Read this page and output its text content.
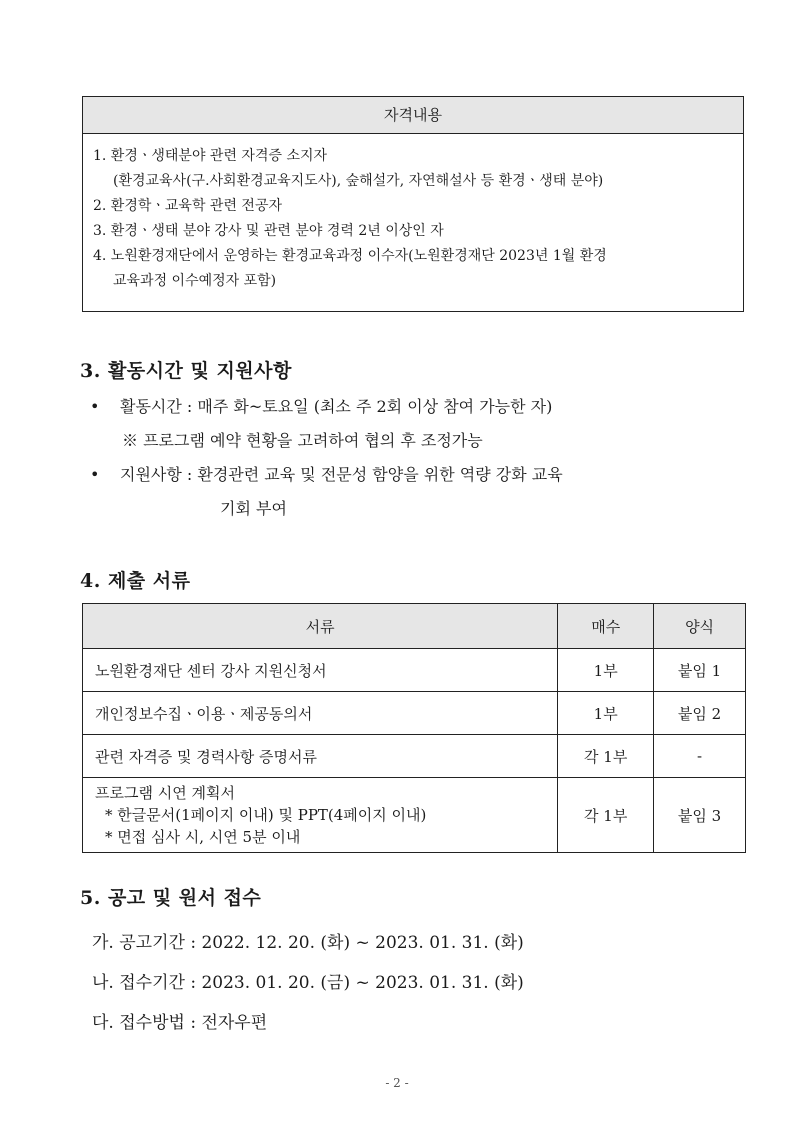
자격내용
1. 환경ㆍ생태분야 관련 자격증 소지자
(환경교육사(구.사회환경교육지도사), 숲해설가, 자연해설사 등 환경ㆍ생태 분야)
2. 환경학ㆍ교육학 관련 전공자
3. 환경ㆍ생태 분야 강사 및 관련 분야 경력 2년 이상인 자
4. 노원환경재단에서 운영하는 환경교육과정 이수자(노원환경재단 2023년 1월 환경
교육과정 이수예정자 포함)
3. 활동시간 및 지원사항
• 활동시간 : 매주 화~토요일 (최소 주 2회 이상 참여 가능한 자)
※ 프로그램 예약 현황을 고려하여 협의 후 조정가능
• 지원사항 : 환경관련 교육 및 전문성 함양을 위한 역량 강화 교육
기회 부여
4. 제출 서류
서류	매수	양식
노원환경재단 센터 강사 지원신청서	1부	붙임 1
개인정보수집ㆍ이용ㆍ제공동의서	1부	붙임 2
관련 자격증 및 경력사항 증명서류	각 1부	-

프로그램 시연 계획서
* 한글문서(1페이지 이내) 및 PPT(4페이지 이내)
* 면접 심사 시, 시연 5분 이내	각 1부	붙임 3
5. 공고 및 원서 접수
가. 공고기간 : 2022. 12. 20. (화) ~ 2023. 01. 31. (화)
나. 접수기간 : 2023. 01. 20. (금) ~ 2023. 01. 31. (화)
다. 접수방법 : 전자우편
- 2 -
